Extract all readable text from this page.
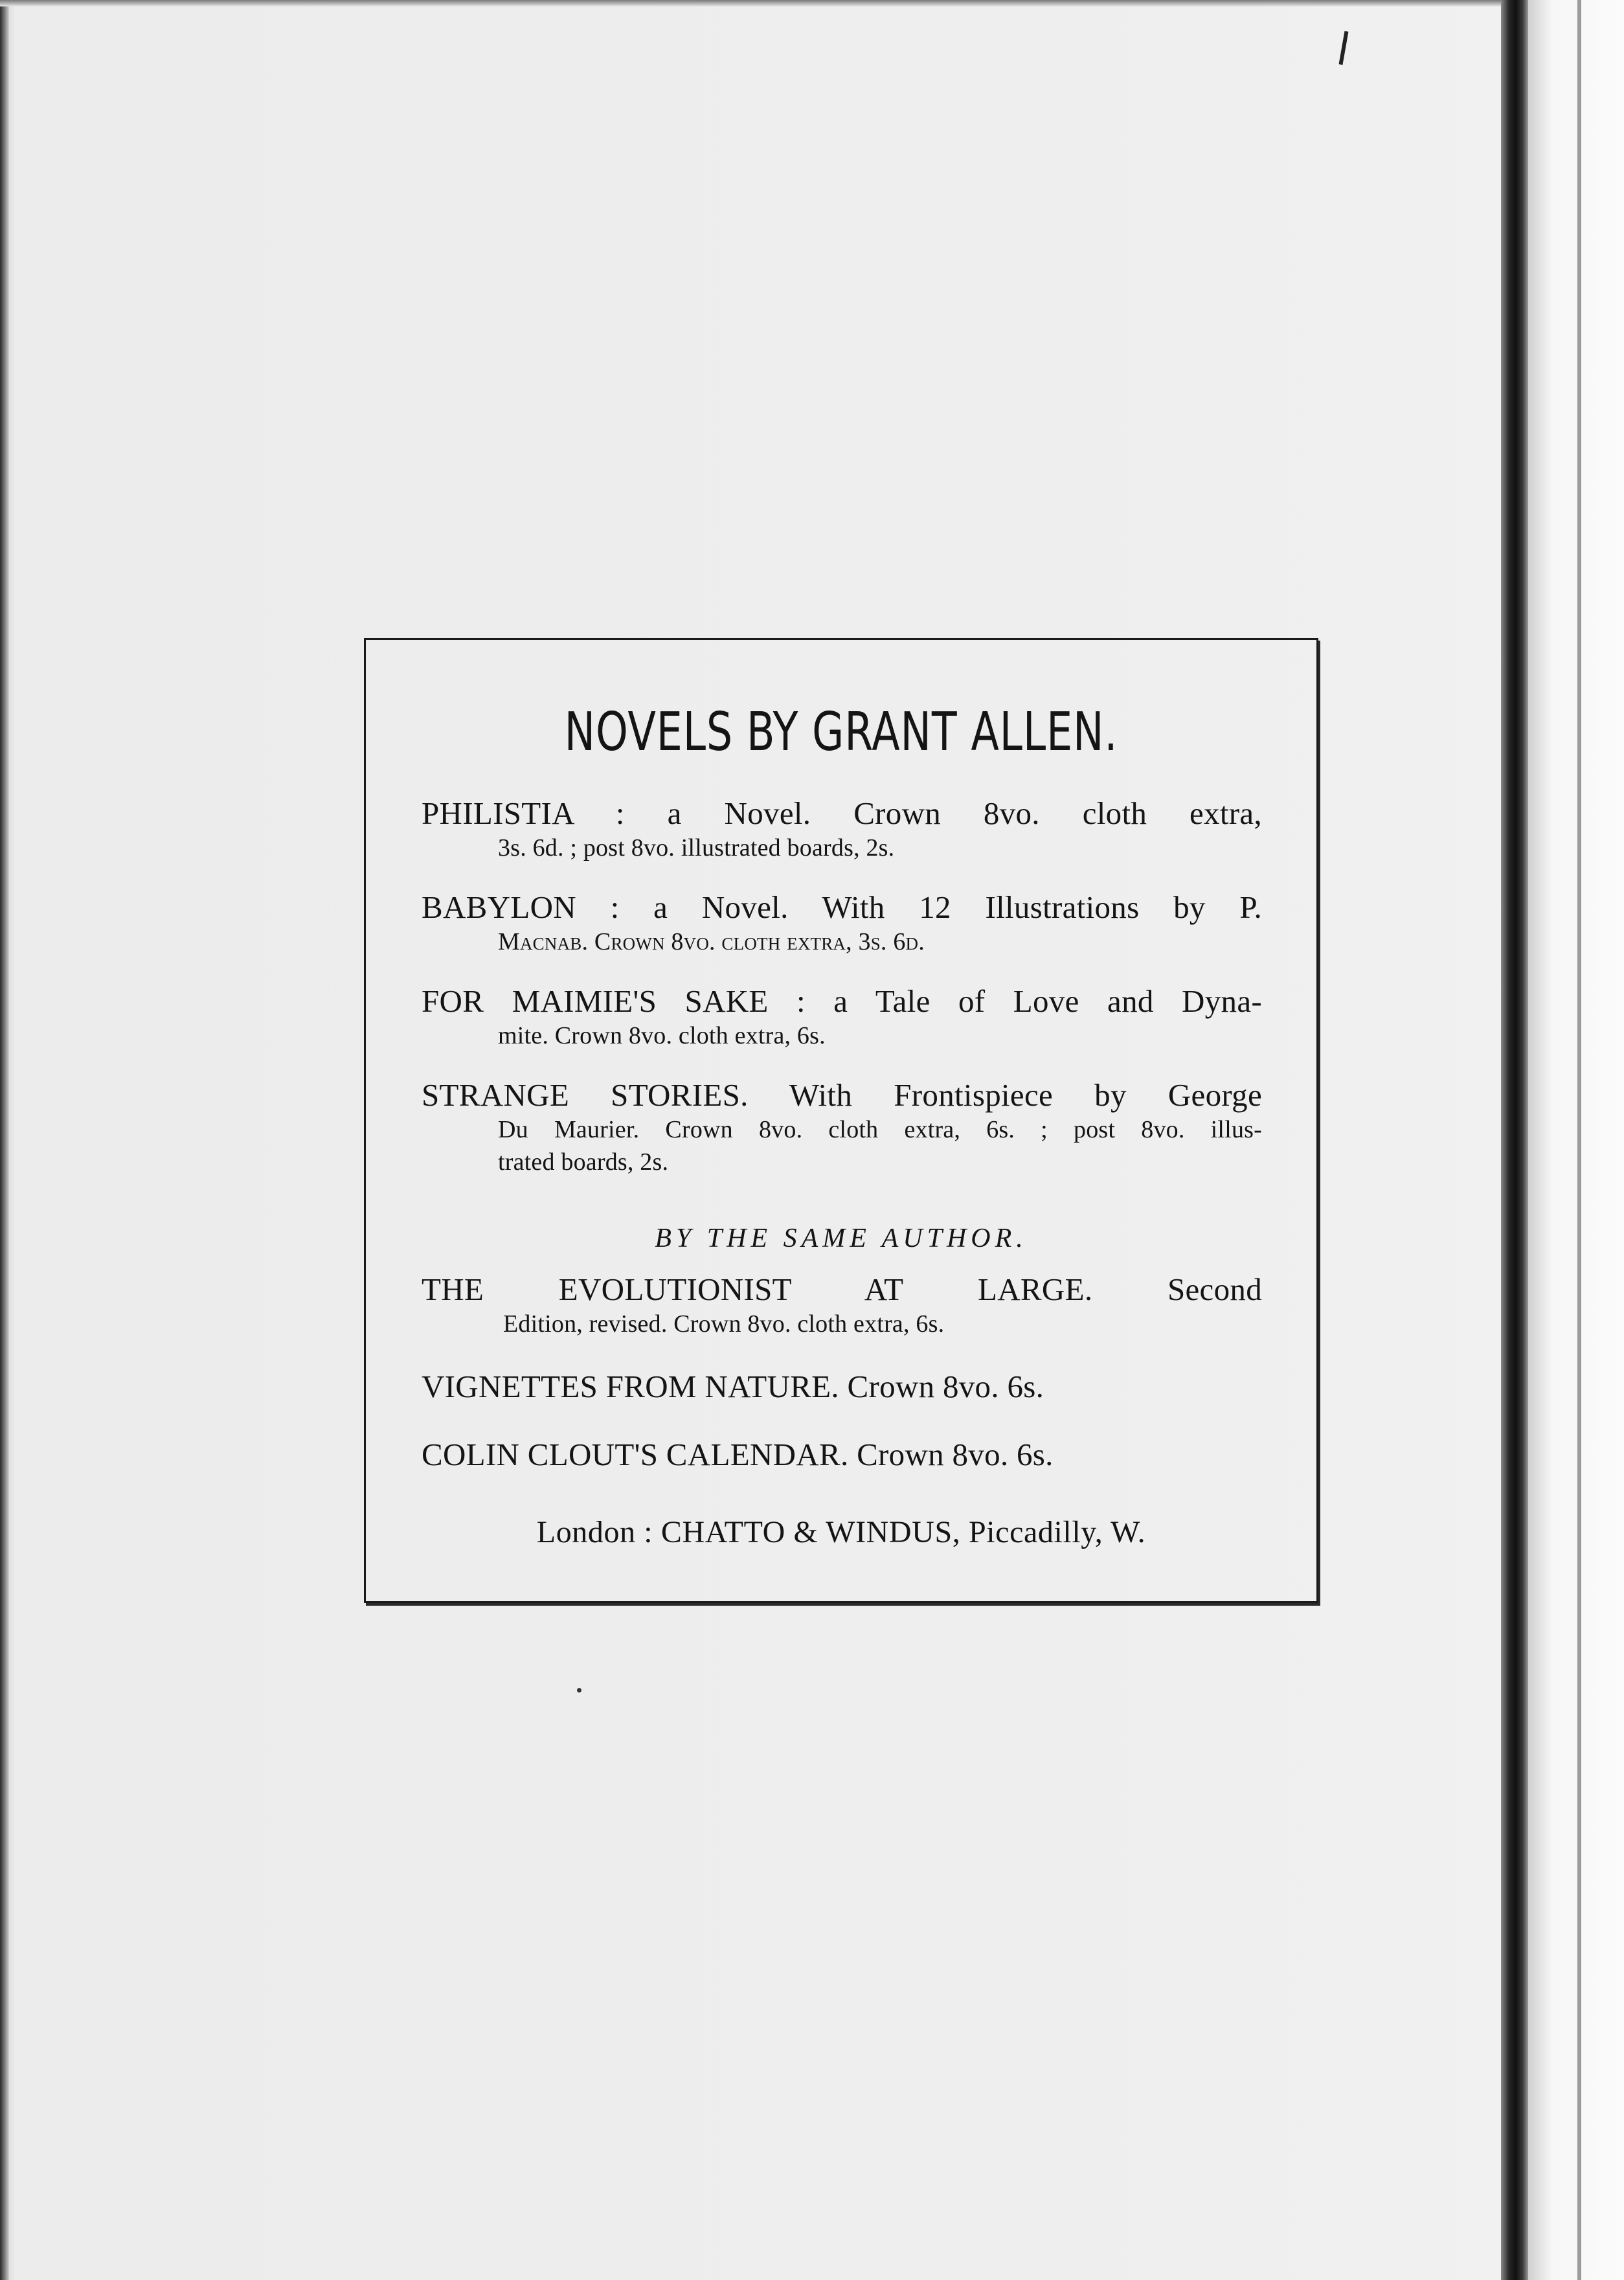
NOVELS BY GRANT ALLEN.
PHILISTIA : a Novel. Crown 8vo. cloth extra,
3s. 6d. ; post 8vo. illustrated boards, 2s.
BABYLON : a Novel. With 12 Illustrations by P.
Macnab. Crown 8vo. cloth extra, 3s. 6d.
FOR MAIMIE'S SAKE : a Tale of Love and Dyna-
mite. Crown 8vo. cloth extra, 6s.
STRANGE STORIES. With Frontispiece by George
Du Maurier. Crown 8vo. cloth extra, 6s. ; post 8vo. illus-
trated boards, 2s.
BY THE SAME AUTHOR.
THE EVOLUTIONIST AT LARGE. Second
Edition, revised. Crown 8vo. cloth extra, 6s.
VIGNETTES FROM NATURE. Crown 8vo. 6s.
COLIN CLOUT'S CALENDAR. Crown 8vo. 6s.
London : CHATTO & WINDUS, Piccadilly, W.
